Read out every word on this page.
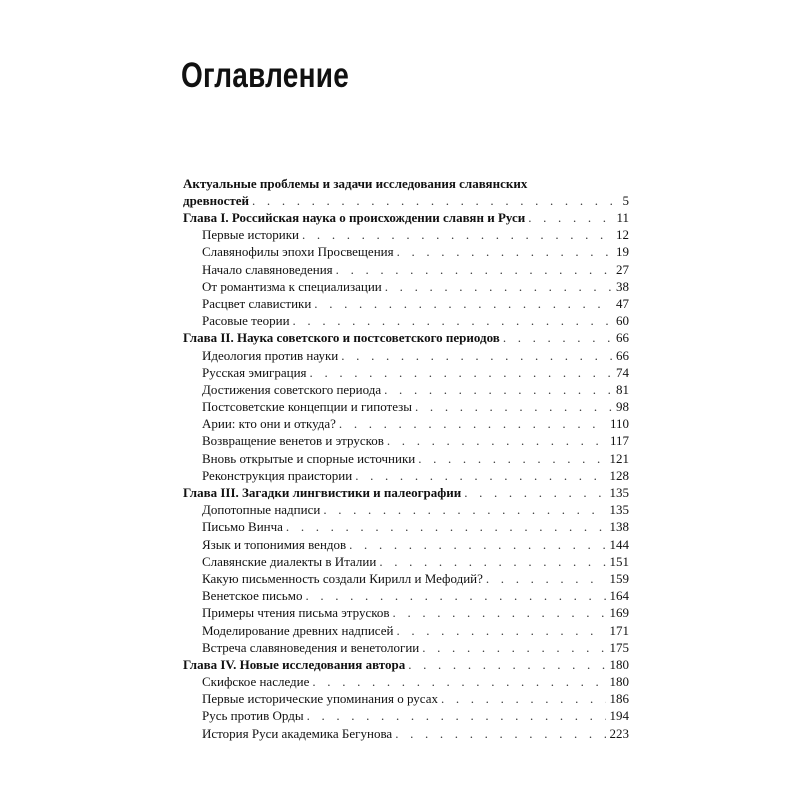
Оглавление
Актуальные проблемы и задачи исследования славянских
древностей . . .	5
Глава I. Российская наука о происхождении славян и Руси . . .	11
Первые историки . . .	12
Славянофилы эпохи Просвещения . . .	19
Начало славяноведения . . .	27
От романтизма к специализации . . .	38
Расцвет славистики . . .	47
Расовые теории . . .	60
Глава II. Наука советского и постсоветского периодов . . .	66
Идеология против науки . . .	66
Русская эмиграция . . .	74
Достижения советского периода . . .	81
Постсоветские концепции и гипотезы . . .	98
Арии: кто они и откуда? . . .	110
Возвращение венетов и этрусков . . .	117
Вновь открытые и спорные источники . . .	121
Реконструкция праистории . . .	128
Глава III. Загадки лингвистики и палеографии . . .	135
Допотопные надписи . . .	135
Письмо Винча . . .	138
Язык и топонимия вендов . . .	144
Славянские диалекты в Италии . . .	151
Какую письменность создали Кирилл и Мефодий? . . .	159
Венетское письмо . . .	164
Примеры чтения письма этрусков . . .	169
Моделирование древних надписей . . .	171
Встреча славяноведения и венетологии . . .	175
Глава IV. Новые исследования автора . . .	180
Скифское наследие . . .	180
Первые исторические упоминания о русах . . .	186
Русь против Орды . . .	194
История Руси академика Бегунова . . .	223
